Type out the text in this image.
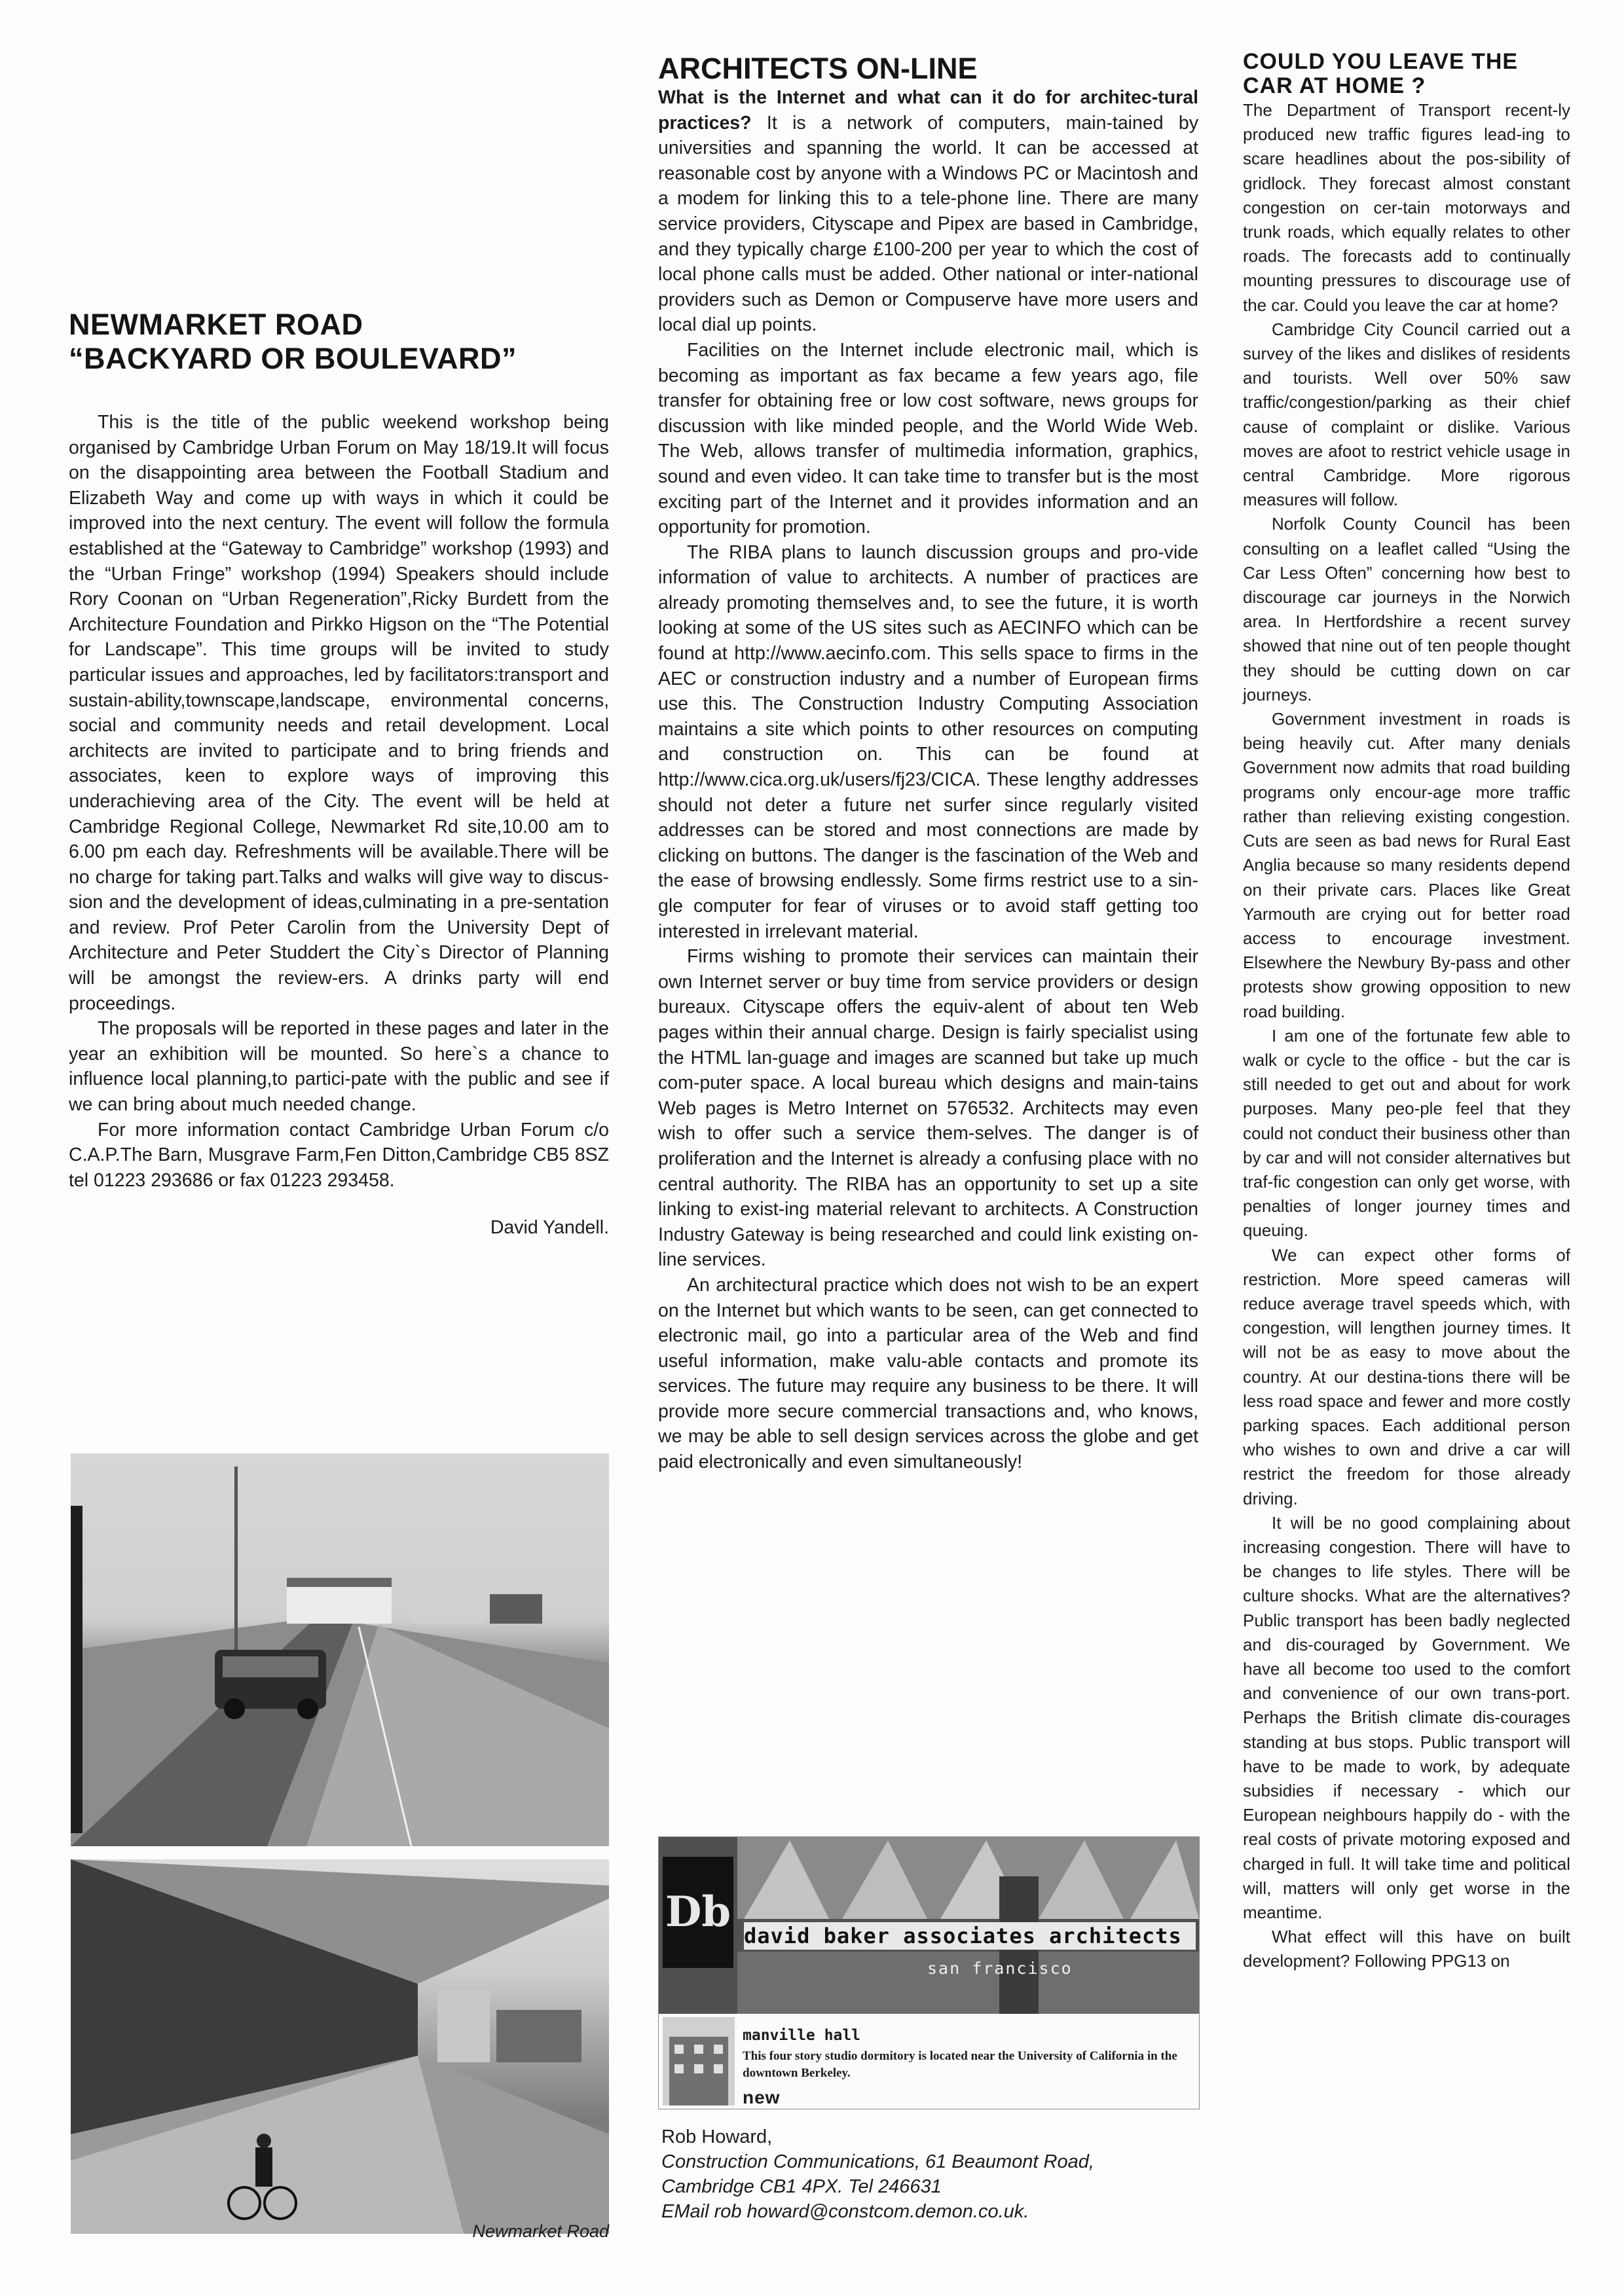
NEWMARKET ROAD
“BACKYARD OR BOULEVARD”

This is the title of the public weekend workshop being organised by Cambridge Urban Forum on May 18/19.It will focus on the disappointing area between the Football Stadium and Elizabeth Way and come up with ways in which it could be improved into the next century. The event will follow the formula established at the “Gateway to Cambridge” workshop (1993) and the “Urban Fringe” workshop (1994) Speakers should include Rory Coonan on “Urban Regeneration”,Ricky Burdett from the Architecture Foundation and Pirkko Higson on the “The Potential for Landscape”. This time groups will be invited to study particular issues and approaches, led by facilitators:transport and sustain-ability,townscape,landscape, environmental concerns, social and community needs and retail development. Local architects are invited to participate and to bring friends and associates, keen to explore ways of improving this underachieving area of the City. The event will be held at Cambridge Regional College, Newmarket Rd site,10.00 am to 6.00 pm each day. Refreshments will be available.There will be no charge for taking part.Talks and walks will give way to discus-sion and the development of ideas,culminating in a pre-sentation and review. Prof Peter Carolin from the University Dept of Architecture and Peter Studdert the City`s Director of Planning will be amongst the review-ers. A drinks party will end proceedings.

The proposals will be reported in these pages and later in the year an exhibition will be mounted. So here`s a chance to influence local planning,to partici-pate with the public and see if we can bring about much needed change.

For more information contact Cambridge Urban Forum c/o C.A.P.The Barn, Musgrave Farm,Fen Ditton,Cambridge CB5 8SZ tel 01223 293686 or fax 01223 293458.

David Yandell.

Newmarket Road
ARCHITECTS ON-LINE

What is the Internet and what can it do for architec-tural practices? It is a network of computers, main-tained by universities and spanning the world. It can be accessed at reasonable cost by anyone with a Windows PC or Macintosh and a modem for linking this to a tele-phone line. There are many service providers, Cityscape and Pipex are based in Cambridge, and they typically charge £100-200 per year to which the cost of local phone calls must be added. Other national or inter-national providers such as Demon or Compuserve have more users and local dial up points.

Facilities on the Internet include electronic mail, which is becoming as important as fax became a few years ago, file transfer for obtaining free or low cost software, news groups for discussion with like minded people, and the World Wide Web. The Web, allows transfer of multimedia information, graphics, sound and even video. It can take time to transfer but is the most exciting part of the Internet and it provides information and an opportunity for promotion.

The RIBA plans to launch discussion groups and pro-vide information of value to architects. A number of practices are already promoting themselves and, to see the future, it is worth looking at some of the US sites such as AECINFO which can be found at http://www.aecinfo.com. This sells space to firms in the AEC or construction industry and a number of European firms use this. The Construction Industry Computing Association maintains a site which points to other resources on computing and construction on. This can be found at http://www.cica.org.uk/users/fj23/CICA. These lengthy addresses should not deter a future net surfer since regularly visited addresses can be stored and most connections are made by clicking on buttons. The danger is the fascination of the Web and the ease of browsing endlessly. Some firms restrict use to a sin-gle computer for fear of viruses or to avoid staff getting too interested in irrelevant material.

Firms wishing to promote their services can maintain their own Internet server or buy time from service providers or design bureaux. Cityscape offers the equiv-alent of about ten Web pages within their annual charge. Design is fairly specialist using the HTML lan-guage and images are scanned but take up much com-puter space. A local bureau which designs and main-tains Web pages is Metro Internet on 576532. Architects may even wish to offer such a service them-selves. The danger is of proliferation and the Internet is already a confusing place with no central authority. The RIBA has an opportunity to set up a site linking to exist-ing material relevant to architects. A Construction Industry Gateway is being researched and could link existing on-line services.

An architectural practice which does not wish to be an expert on the Internet but which wants to be seen, can get connected to electronic mail, go into a particular area of the Web and find useful information, make valu-able contacts and promote its services. The future may require any business to be there. It will provide more secure commercial transactions and, who knows, we may be able to sell design services across the globe and get paid electronically and even simultaneously!

Db david baker associates architects
san francisco
manville hall
This four story studio dormitory is located near the University of California in the downtown Berkeley.
new
Rob Howard,
Construction Communications, 61 Beaumont Road,
Cambridge CB1 4PX. Tel 246631
EMail rob howard@constcom.demon.co.uk.
COULD YOU LEAVE THE
CAR AT HOME ?

The Department of Transport recent-ly produced new traffic figures lead-ing to scare headlines about the pos-sibility of gridlock. They forecast almost constant congestion on cer-tain motorways and trunk roads, which equally relates to other roads. The forecasts add to continually mounting pressures to discourage use of the car. Could you leave the car at home?

Cambridge City Council carried out a survey of the likes and dislikes of residents and tourists. Well over 50% saw traffic/congestion/parking as their chief cause of complaint or dislike. Various moves are afoot to restrict vehicle usage in central Cambridge. More rigorous measures will follow.

Norfolk County Council has been consulting on a leaflet called “Using the Car Less Often” concerning how best to discourage car journeys in the Norwich area. In Hertfordshire a recent survey showed that nine out of ten people thought they should be cutting down on car journeys.

Government investment in roads is being heavily cut. After many denials Government now admits that road building programs only encour-age more traffic rather than relieving existing congestion. Cuts are seen as bad news for Rural East Anglia because so many residents depend on their private cars. Places like Great Yarmouth are crying out for better road access to encourage investment. Elsewhere the Newbury By-pass and other protests show growing opposition to new road building.

I am one of the fortunate few able to walk or cycle to the office - but the car is still needed to get out and about for work purposes. Many peo-ple feel that they could not conduct their business other than by car and will not consider alternatives but traf-fic congestion can only get worse, with penalties of longer journey times and queuing.

We can expect other forms of restriction. More speed cameras will reduce average travel speeds which, with congestion, will lengthen journey times. It will not be as easy to move about the country. At our destina-tions there will be less road space and fewer and more costly parking spaces. Each additional person who wishes to own and drive a car will restrict the freedom for those already driving.

It will be no good complaining about increasing congestion. There will have to be changes to life styles. There will be culture shocks. What are the alternatives? Public transport has been badly neglected and dis-couraged by Government. We have all become too used to the comfort and convenience of our own trans-port. Perhaps the British climate dis-courages standing at bus stops. Public transport will have to be made to work, by adequate subsidies if necessary - which our European neighbours happily do - with the real costs of private motoring exposed and charged in full. It will take time and political will, matters will only get worse in the meantime.

What effect will this have on built development? Following PPG13 on
